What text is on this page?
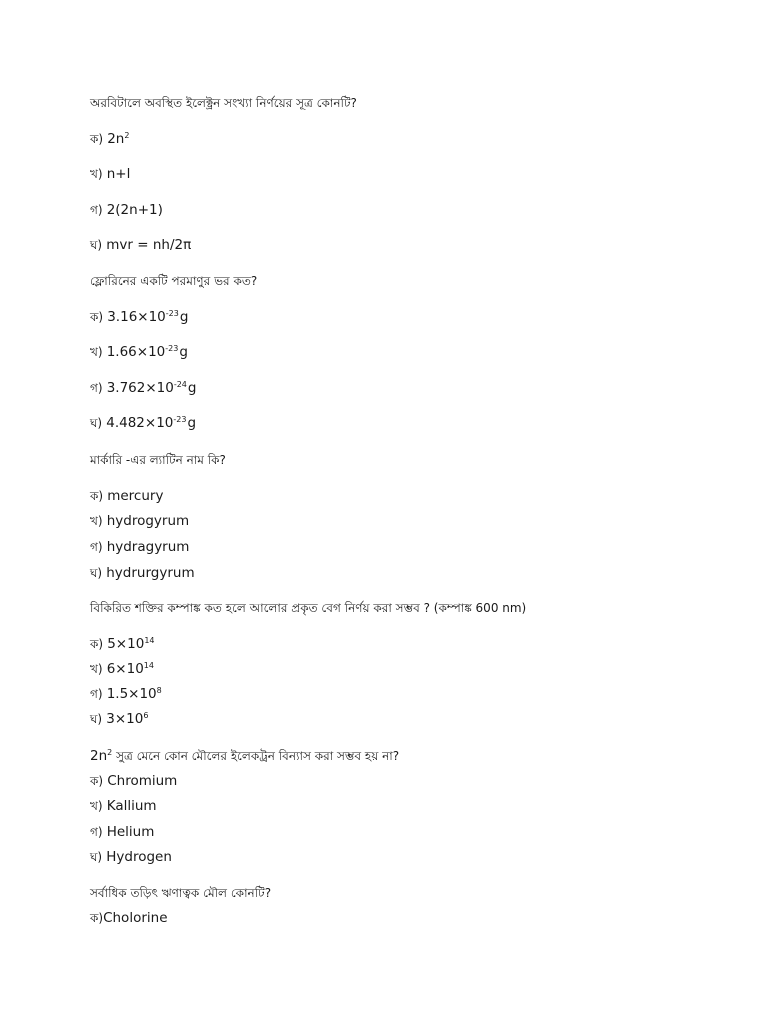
অরবিটালে অবস্থিত ইলেক্ট্রন সংখ্যা নির্ণয়ের সূত্র কোনটি?
ক) $2n^2$
খ) n+l
গ) 2(2n+1)
ঘ) mvr = nh/2π
ফ্লোরিনের একটি পরমাণুর ভর কত?
ক) $3.16\times 10^{-23}g$
খ) $1.66\times 10^{-23}g$
গ) $3.762\times 10^{-24}g$
ঘ) $4.482\times 10^{-23}g$
মার্কারি -এর ল্যাটিন নাম কি?
ক) mercury
খ) hydrogyrum
গ) hydragyrum
ঘ) hydrurgyrum
বিকিরিত শক্তির কম্পাঙ্ক কত হলে আলোর প্রকৃত বেগ নির্ণয় করা সম্ভব ? (কম্পাঙ্ক 600 nm)
ক) $5\times 10^{14}$
খ) $6\times 10^{14}$
গ) $1.5\times 10^8$
ঘ) $3\times 10^6$
$2n^2$ সুত্র মেনে কোন মৌলের ইলেকট্রন বিন্যাস করা সম্ভব হয় না?
ক) Chromium
খ) Kallium
গ) Helium
ঘ) Hydrogen
সর্বাধিক তড়িৎ ঋণাত্বক মৌল কোনটি?
ক)Cholorine
